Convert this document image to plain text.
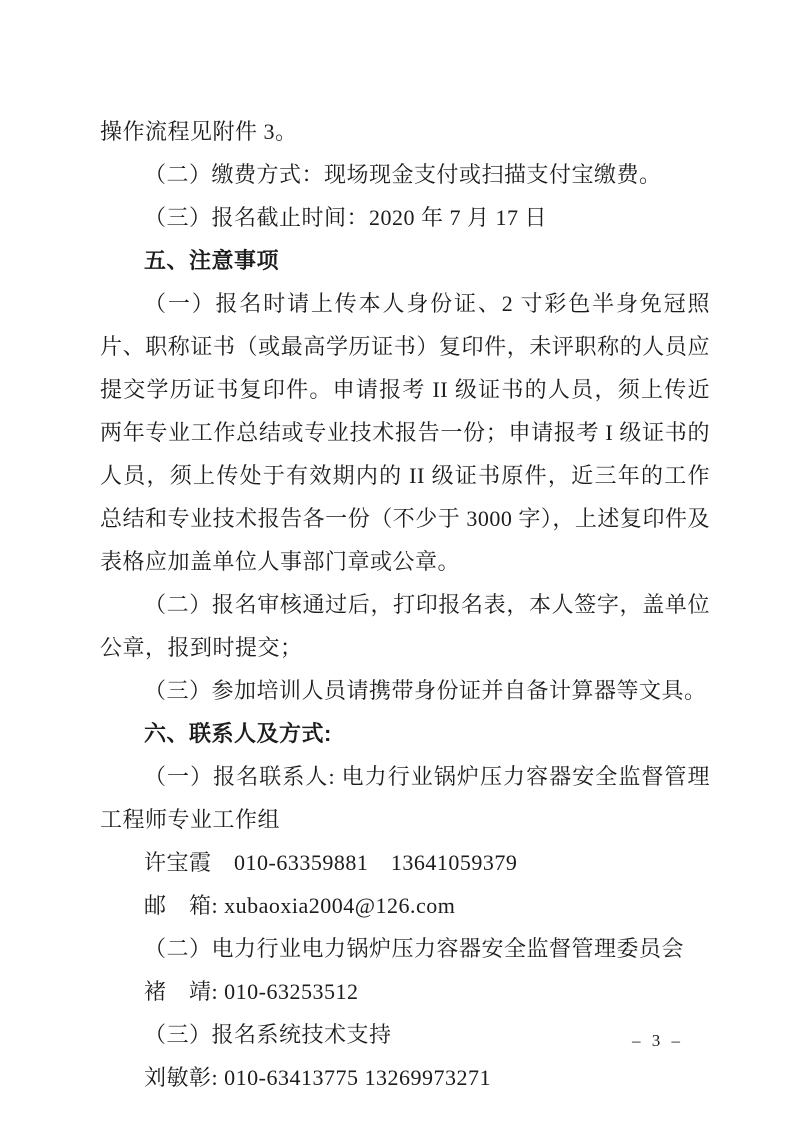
操作流程见附件 3。

（二）缴费方式：现场现金支付或扫描支付宝缴费。

（三）报名截止时间：2020 年 7 月 17 日

五、注意事项

（一）报名时请上传本人身份证、2 寸彩色半身免冠照片、职称证书（或最高学历证书）复印件，未评职称的人员应提交学历证书复印件。申请报考 II 级证书的人员，须上传近两年专业工作总结或专业技术报告一份；申请报考 I 级证书的人员，须上传处于有效期内的 II 级证书原件，近三年的工作总结和专业技术报告各一份（不少于 3000 字），上述复印件及表格应加盖单位人事部门章或公章。

（二）报名审核通过后，打印报名表，本人签字，盖单位公章，报到时提交；

（三）参加培训人员请携带身份证并自备计算器等文具。

六、联系人及方式:

（一）报名联系人: 电力行业锅炉压力容器安全监督管理工程师专业工作组

许宝霞　010-63359881　13641059379

邮　箱: xubaoxia2004@126.com

（二）电力行业电力锅炉压力容器安全监督管理委员会

褚　靖: 010-63253512

（三）报名系统技术支持

刘敏彰: 010-63413775 13269973271

– 3 –
